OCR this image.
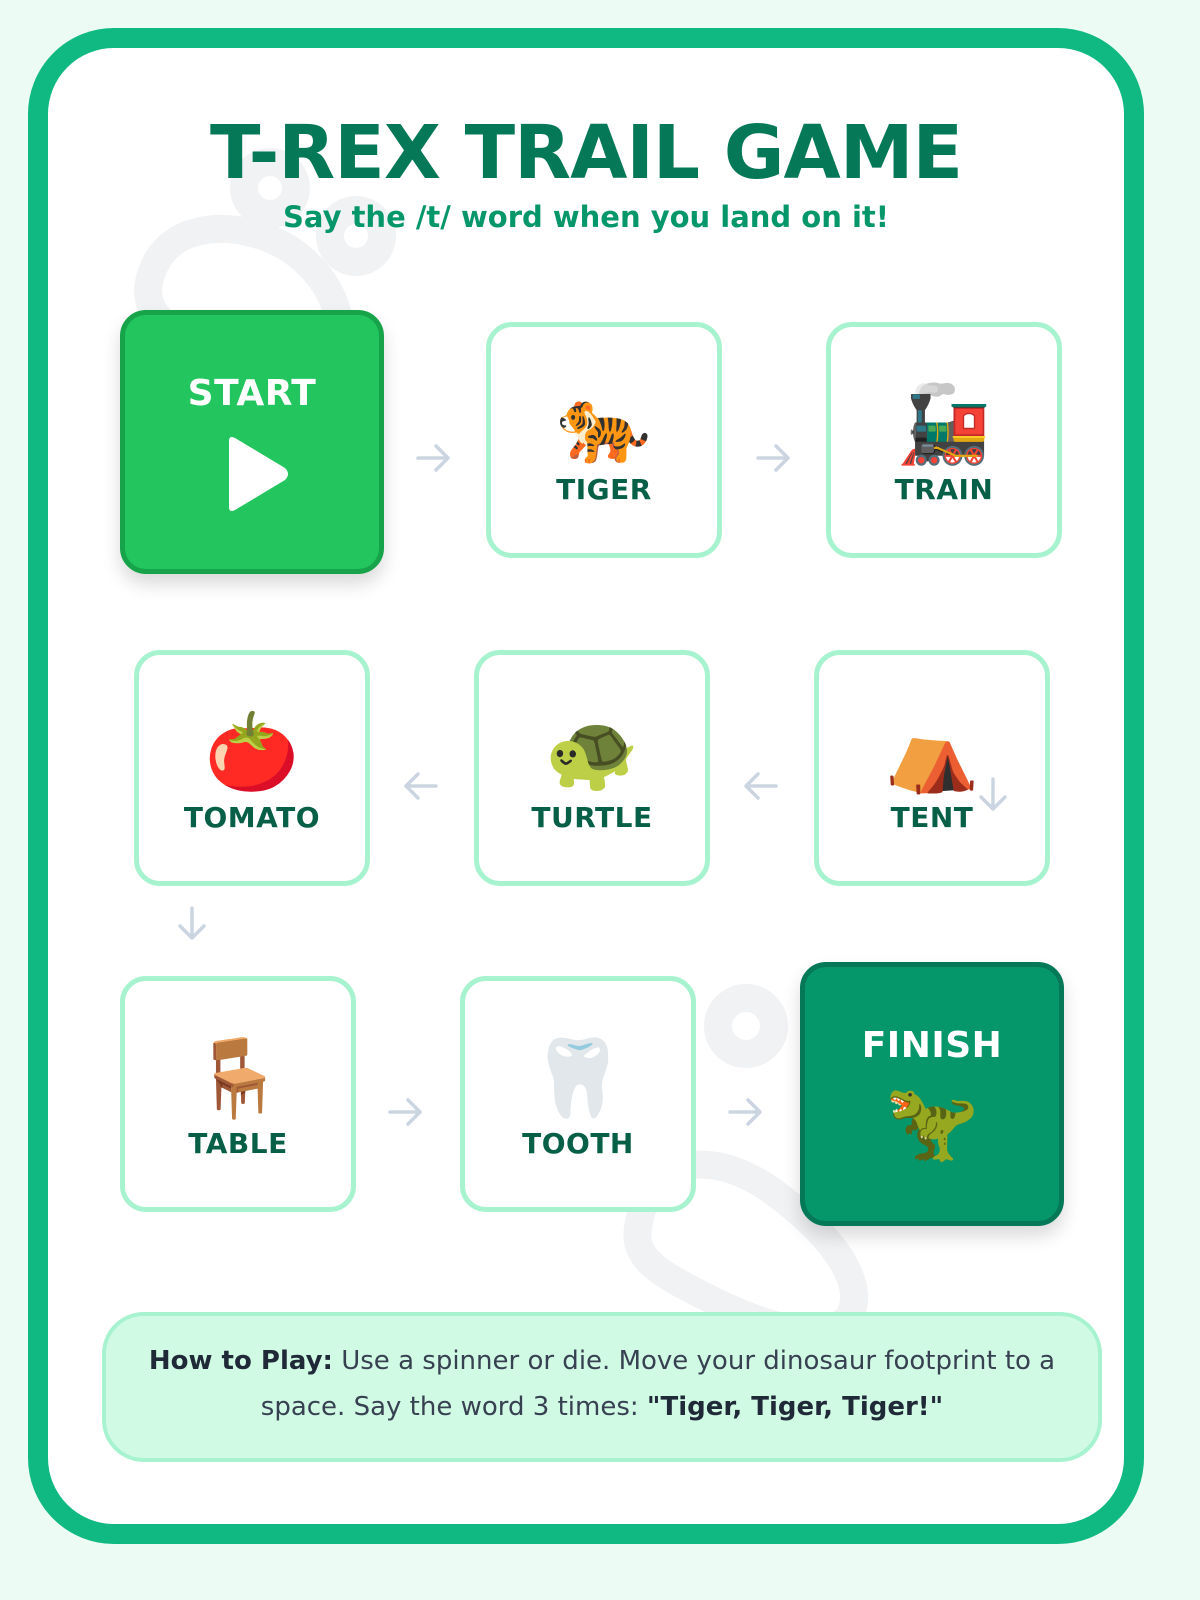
T-REX TRAIL GAME

Say the /t/ word when you land on it!

START	🐅
TIGER
🚂
TRAIN
🍅
TOMATO
🐢
TURTLE
⛺
TENT
🪑
TABLE
🦷
TOOTH
FINISH
🦖
How to Play: Use a spinner or die. Move your dinosaur footprint to a space. Say the word 3 times: "Tiger, Tiger, Tiger!"
